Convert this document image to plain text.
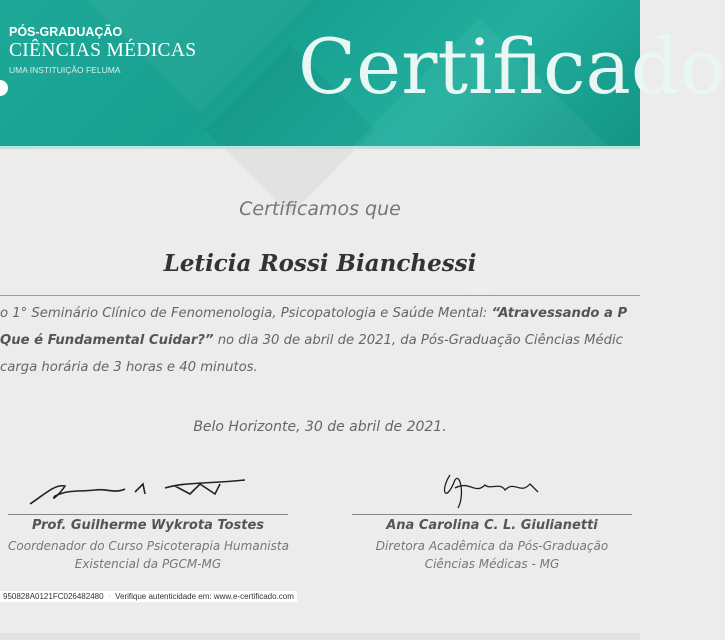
PÓS-GRADUAÇÃO
CIÊNCIAS MÉDICAS
UMA INSTITUIÇÃO FELUMA Certificado
Certificamos que
Leticia Rossi Bianchessi
o 1° Seminário Clínico de Fenomenologia, Psicopatologia e Saúde Mental: “Atravessando a P
Que é Fundamental Cuidar?” no dia 30 de abril de 2021, da Pós-Graduação Ciências Médic
carga horária de 3 horas e 40 minutos.
Belo Horizonte, 30 de abril de 2021.
Prof. Guilherme Wykrota Tostes
Coordenador do Curso Psicoterapia Humanista
Existencial da PGCM-MG
Ana Carolina C. L. Giulianetti
Diretora Acadêmica da Pós-Graduação
Ciências Médicas - MG
950828A0121FC026482480 · Verifique autenticidade em: www.e-certificado.com
